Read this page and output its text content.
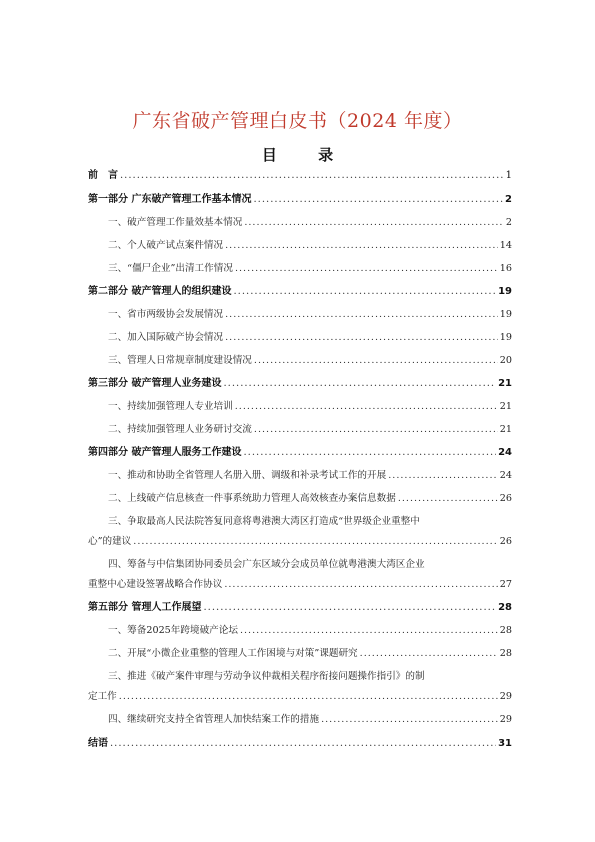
广东省破产管理白皮书（2024 年度）
目 录
前　言 .....	1
第一部分 广东破产管理工作基本情况 .....	2
一、破产管理工作量效基本情况 .....	2
二、个人破产试点案件情况 .....	14
三、“僵尸企业”出清工作情况 .....	16
第二部分 破产管理人的组织建设 .....	19
一、省市两级协会发展情况 .....	19
二、加入国际破产协会情况 .....	19
三、管理人日常规章制度建设情况 .....	20
第三部分 破产管理人业务建设 .....	21
一、持续加强管理人专业培训 .....	21
二、持续加强管理人业务研讨交流 .....	21
第四部分 破产管理人服务工作建设 .....	24
一、推动和协助全省管理人名册入册、调级和补录考试工作的开展 .....	24
二、上线破产信息核查一件事系统助力管理人高效核查办案信息数据 .....	26
三、争取最高人民法院答复同意将粤港澳大湾区打造成“世界级企业重整中
心”的建议 .....	26
四、筹备与中信集团协同委员会广东区域分会成员单位就粤港澳大湾区企业
重整中心建设签署战略合作协议 .....	27
第五部分 管理人工作展望 .....	28
一、筹备2025年跨境破产论坛 .....	28
二、开展“小微企业重整的管理人工作困境与对策”课题研究 .....	28
三、推进《破产案件审理与劳动争议仲裁相关程序衔接问题操作指引》的制
定工作 .....	29
四、继续研究支持全省管理人加快结案工作的措施 .....	29
结语 .....	31
